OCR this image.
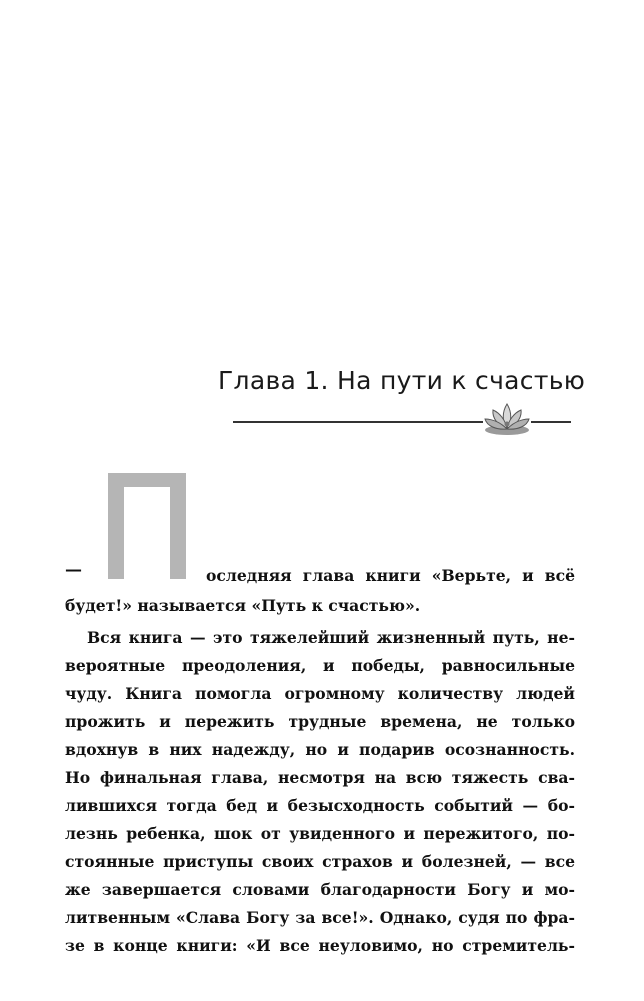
Глава 1. На пути к счастью
П
—	оследняя глава книги «Верьте, и всё
будет!» называется «Путь к счастью».
Вся книга — это тяжелейший жизненный путь, не-
вероятные преодоления, и победы, равносильные
чуду. Книга помогла огромному количеству людей
прожить и пережить трудные времена, не только
вдохнув в них надежду, но и подарив осознанность.
Но финальная глава, несмотря на всю тяжесть сва-
лившихся тогда бед и безысходность событий — бо-
лезнь ребенка, шок от увиденного и пережитого, по-
стоянные приступы своих страхов и болезней, — все
же завершается словами благодарности Богу и мо-
литвенным «Слава Богу за все!». Однако, судя по фра-
зе в конце книги: «И все неуловимо, но стремитель-
